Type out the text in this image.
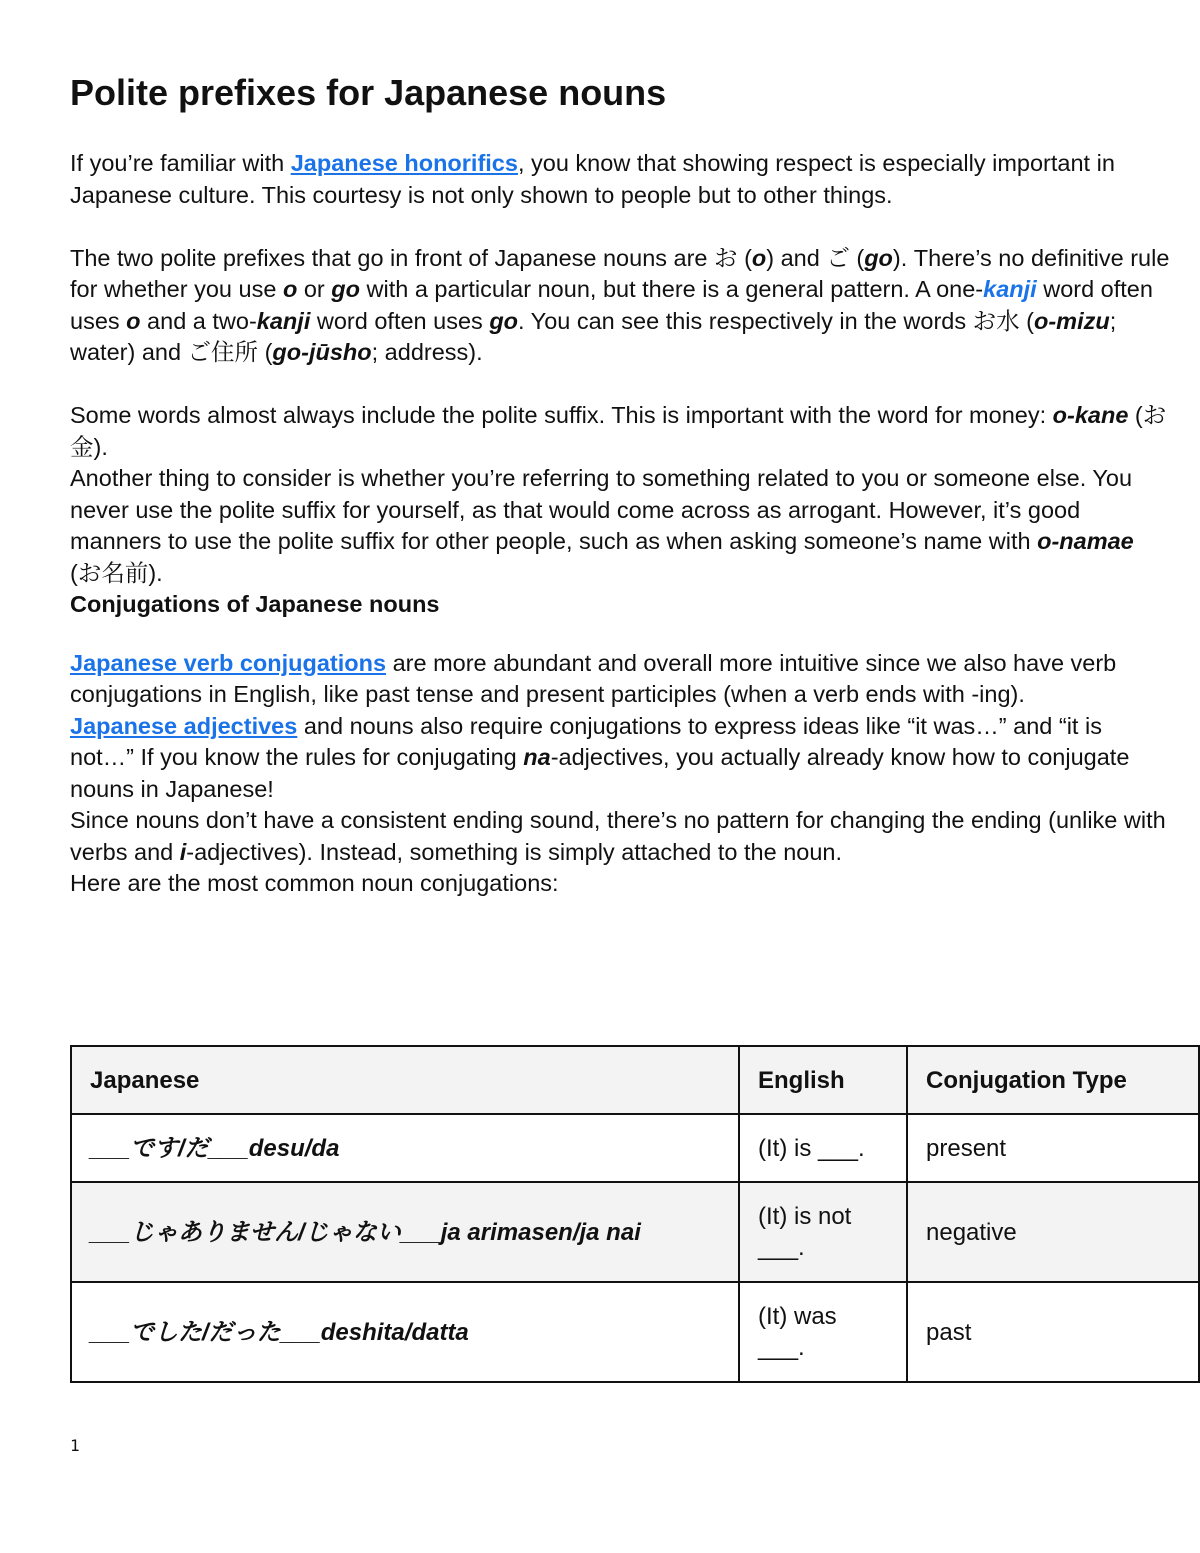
Polite prefixes for Japanese nouns

If you’re familiar with Japanese honorifics, you know that showing respect is especially important in Japanese culture. This courtesy is not only shown to people but to other things.

The two polite prefixes that go in front of Japanese nouns are お (o) and ご (go). There’s no definitive rule for whether you use o or go with a particular noun, but there is a general pattern. A one-kanji word often uses o and a two-kanji word often uses go. You can see this respectively in the words お水 (o-mizu; water) and ご住所 (go-jūsho; address).

Some words almost always include the polite suffix. This is important with the word for money: o-kane (お金).

Another thing to consider is whether you’re referring to something related to you or someone else. You never use the polite suffix for yourself, as that would come across as arrogant. However, it’s good manners to use the polite suffix for other people, such as when asking someone’s name with o-namae (お名前).

Conjugations of Japanese nouns

Japanese verb conjugations are more abundant and overall more intuitive since we also have verb conjugations in English, like past tense and present participles (when a verb ends with -ing).

Japanese adjectives and nouns also require conjugations to express ideas like “it was…” and “it is not…” If you know the rules for conjugating na-adjectives, you actually already know how to conjugate nouns in Japanese!

Since nouns don’t have a consistent ending sound, there’s no pattern for changing the ending (unlike with verbs and i-adjectives). Instead, something is simply attached to the noun.

Here are the most common noun conjugations:

Japanese	English	Conjugation Type
___です/だ___desu/da	(It) is ___.	present
___じゃありません/じゃない___ja arimasen/ja nai	(It) is not ___.	negative
___でした/だった___deshita/datta	(It) was ___.	past
1
